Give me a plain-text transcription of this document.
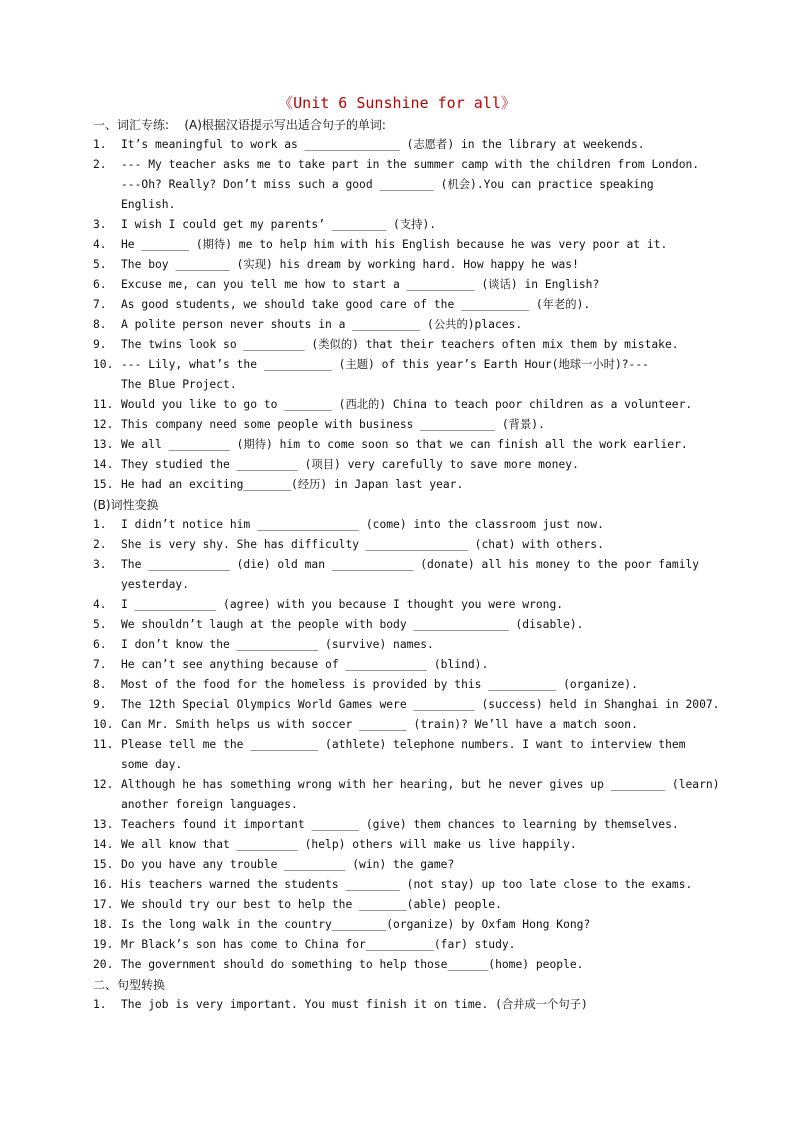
《Unit 6 Sunshine for all》
一、词汇专练: (A)根据汉语提示写出适合句子的单词:
1. It’s meaningful to work as ______________ (志愿者) in the library at weekends.
2. --- My teacher asks me to take part in the summer camp with the children from London.
---Oh? Really? Don’t miss such a good ________ (机会).You can practice speaking
English.
3. I wish I could get my parents’ ________ (支持).
4. He _______ (期待) me to help him with his English because he was very poor at it.
5. The boy ________ (实现) his dream by working hard. How happy he was!
6. Excuse me, can you tell me how to start a __________ (谈话) in English?
7. As good students, we should take good care of the __________ (年老的).
8. A polite person never shouts in a __________ (公共的)places.
9. The twins look so _________ (类似的) that their teachers often mix them by mistake.
10. --- Lily, what’s the __________ (主题) of this year’s Earth Hour(地球一小时)?---
The Blue Project.
11. Would you like to go to _______ (西北的) China to teach poor children as a volunteer.
12. This company need some people with business ___________ (背景).
13. We all _________ (期待) him to come soon so that we can finish all the work earlier.
14. They studied the _________ (项目) very carefully to save more money.
15. He had an exciting_______(经历) in Japan last year.
(B)词性变换
1. I didn’t notice him _______________ (come) into the classroom just now.
2. She is very shy. She has difficulty _______________ (chat) with others.
3. The ____________ (die) old man ____________ (donate) all his money to the poor family
yesterday.
4. I ____________ (agree) with you because I thought you were wrong.
5. We shouldn’t laugh at the people with body ______________ (disable).
6. I don’t know the ____________ (survive) names.
7. He can’t see anything because of ____________ (blind).
8. Most of the food for the homeless is provided by this __________ (organize).
9. The 12th Special Olympics World Games were _________ (success) held in Shanghai in 2007.
10. Can Mr. Smith helps us with soccer _______ (train)? We’ll have a match soon.
11. Please tell me the __________ (athlete) telephone numbers. I want to interview them
some day.
12. Although he has something wrong with her hearing, but he never gives up ________ (learn)
another foreign languages.
13. Teachers found it important _______ (give) them chances to learning by themselves.
14. We all know that _________ (help) others will make us live happily.
15. Do you have any trouble _________ (win) the game?
16. His teachers warned the students ________ (not stay) up too late close to the exams.
17. We should try our best to help the _______(able) people.
18. Is the long walk in the country________(organize) by Oxfam Hong Kong?
19. Mr Black’s son has come to China for__________(far) study.
20. The government should do something to help those______(home) people.
二、句型转换
1. The job is very important. You must finish it on time. (合并成一个句子)
